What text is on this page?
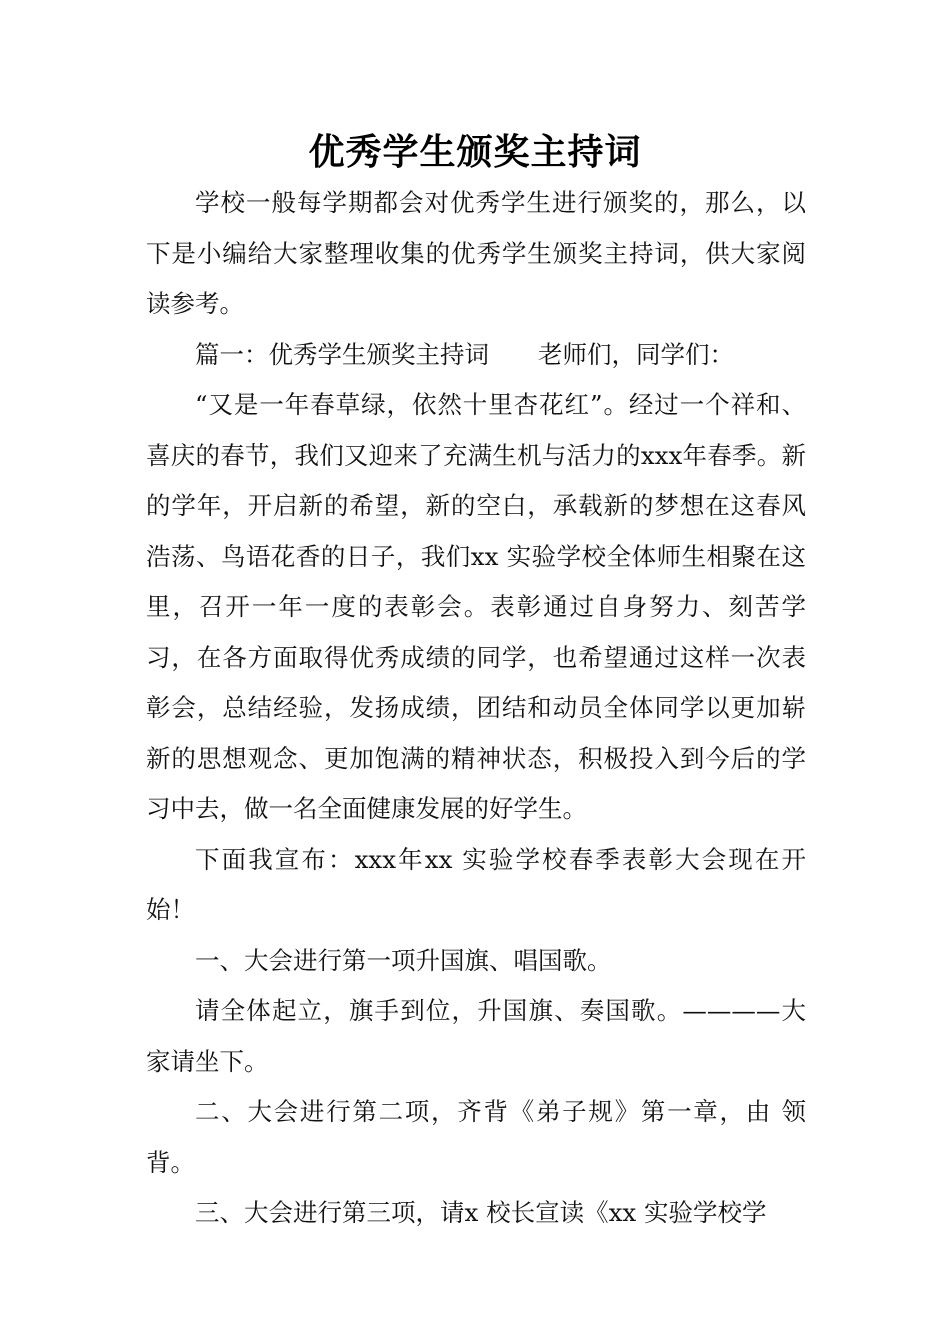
优秀学生颁奖主持词

学校一般每学期都会对优秀学生进行颁奖的，那么，以下是小编给大家整理收集的优秀学生颁奖主持词，供大家阅读参考。

篇一：优秀学生颁奖主持词　　老师们，同学们：

“又是一年春草绿，依然十里杏花红”。经过一个祥和、喜庆的春节，我们又迎来了充满生机与活力的xxx年春季。新的学年，开启新的希望，新的空白，承载新的梦想在这春风浩荡、鸟语花香的日子，我们xx 实验学校全体师生相聚在这里，召开一年一度的表彰会。表彰通过自身努力、刻苦学习，在各方面取得优秀成绩的同学，也希望通过这样一次表彰会，总结经验，发扬成绩，团结和动员全体同学以更加崭新的思想观念、更加饱满的精神状态，积极投入到今后的学习中去，做一名全面健康发展的好学生。

下面我宣布：xxx年xx 实验学校春季表彰大会现在开始！

一、大会进行第一项升国旗、唱国歌。

请全体起立，旗手到位，升国旗、奏国歌。————大家请坐下。

二、大会进行第二项，齐背《弟子规》第一章，由 领背。

三、大会进行第三项，请x 校长宣读《xx 实验学校学
